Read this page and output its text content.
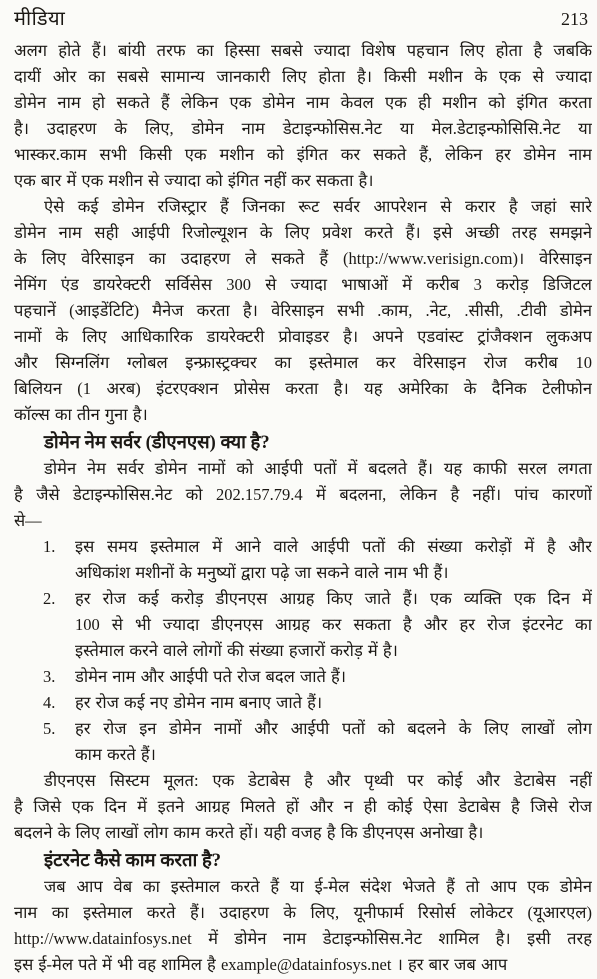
मीडिया	213
अलग होते हैं। बांयी तरफ का हिस्सा सबसे ज्यादा विशेष पहचान लिए होता है जबकि
दायीं ओर का सबसे सामान्य जानकारी लिए होता है। किसी मशीन के एक से ज्यादा
डोमेन नाम हो सकते हैं लेकिन एक डोमेन नाम केवल एक ही मशीन को इंगित करता
है। उदाहरण के लिए, डोमेन नाम डेटाइन्फोसिस.नेट या मेल.डेटाइन्फोसिसि.नेट या
भास्कर.काम सभी किसी एक मशीन को इंगित कर सकते हैं, लेकिन हर डोमेन नाम
एक बार में एक मशीन से ज्यादा को इंगित नहीं कर सकता है।
ऐसे कई डोमेन रजिस्ट्रार हैं जिनका रूट सर्वर आपरेशन से करार है जहां सारे
डोमेन नाम सही आईपी रिजोल्यूशन के लिए प्रवेश करते हैं। इसे अच्छी तरह समझने
के लिए वेरिसाइन का उदाहरण ले सकते हैं (http://www.verisign.com)। वेरिसाइन
नेमिंग एंड डायरेक्टरी सर्विसेस 300 से ज्यादा भाषाओं में करीब 3 करोड़ डिजिटल
पहचानें (आइडेंटिटि) मैनेज करता है। वेरिसाइन सभी .काम, .नेट, .सीसी, .टीवी डोमेन
नामों के लिए आधिकारिक डायरेक्टरी प्रोवाइडर है। अपने एडवांस्ट ट्रांजैक्शन लुकअप
और सिग्नलिंग ग्लोबल इन्फ्रास्ट्रक्चर का इस्तेमाल कर वेरिसाइन रोज करीब 10
बिलियन (1 अरब) इंटरएक्शन प्रोसेस करता है। यह अमेरिका के दैनिक टेलीफोन
कॉल्स का तीन गुना है।
डोमेन नेम सर्वर (डीएनएस) क्या है?
डोमेन नेम सर्वर डोमेन नामों को आईपी पतों में बदलते हैं। यह काफी सरल लगता
है जैसे डेटाइन्फोसिस.नेट को 202.157.79.4 में बदलना, लेकिन है नहीं। पांच कारणों
से—
1. इस समय इस्तेमाल में आने वाले आईपी पतों की संख्या करोड़ों में है और
अधिकांश मशीनों के मनुष्यों द्वारा पढ़े जा सकने वाले नाम भी हैं।
2. हर रोज कई करोड़ डीएनएस आग्रह किए जाते हैं। एक व्यक्ति एक दिन में
100 से भी ज्यादा डीएनएस आग्रह कर सकता है और हर रोज इंटरनेट का
इस्तेमाल करने वाले लोगों की संख्या हजारों करोड़ में है।
3. डोमेन नाम और आईपी पते रोज बदल जाते हैं।
4. हर रोज कई नए डोमेन नाम बनाए जाते हैं।
5. हर रोज इन डोमेन नामों और आईपी पतों को बदलने के लिए लाखों लोग
काम करते हैं।
डीएनएस सिस्टम मूलत: एक डेटाबेस है और पृथ्वी पर कोई और डेटाबेस नहीं
है जिसे एक दिन में इतने आग्रह मिलते हों और न ही कोई ऐसा डेटाबेस है जिसे रोज
बदलने के लिए लाखों लोग काम करते हों। यही वजह है कि डीएनएस अनोखा है।
इंटरनेट कैसे काम करता है?
जब आप वेब का इस्तेमाल करते हैं या ई-मेल संदेश भेजते हैं तो आप एक डोमेन
नाम का इस्तेमाल करते हैं। उदाहरण के लिए, यूनीफार्म रिसोर्स लोकेटर (यूआरएल)
http://www.datainfosys.net में डोमेन नाम डेटाइन्फोसिस.नेट शामिल है। इसी तरह
इस ई-मेल पते में भी वह शामिल है example@datainfosys.net । हर बार जब आप
